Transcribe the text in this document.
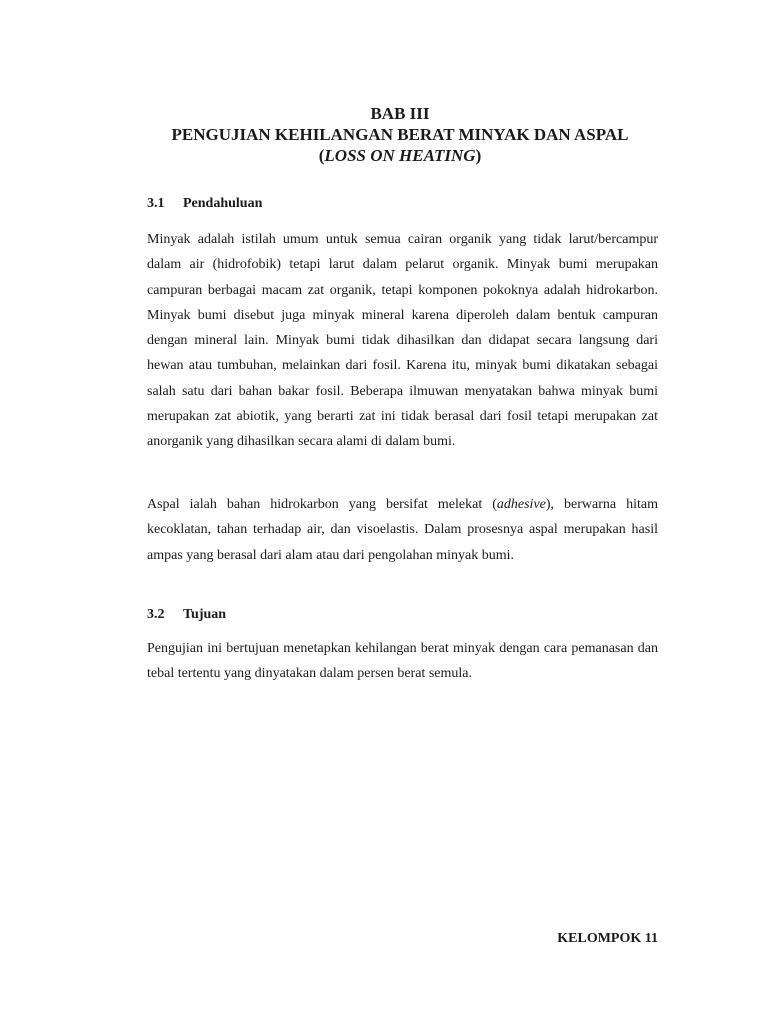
BAB III
PENGUJIAN KEHILANGAN BERAT MINYAK DAN ASPAL
(LOSS ON HEATING)
3.1 Pendahuluan

Minyak adalah istilah umum untuk semua cairan organik yang tidak larut/bercampur dalam air (hidrofobik) tetapi larut dalam pelarut organik. Minyak bumi merupakan campuran berbagai macam zat organik, tetapi komponen pokoknya adalah hidrokarbon. Minyak bumi disebut juga minyak mineral karena diperoleh dalam bentuk campuran dengan mineral lain. Minyak bumi tidak dihasilkan dan didapat secara langsung dari hewan atau tumbuhan, melainkan dari fosil. Karena itu, minyak bumi dikatakan sebagai salah satu dari bahan bakar fosil. Beberapa ilmuwan menyatakan bahwa minyak bumi merupakan zat abiotik, yang berarti zat ini tidak berasal dari fosil tetapi merupakan zat anorganik yang dihasilkan secara alami di dalam bumi.

Aspal ialah bahan hidrokarbon yang bersifat melekat (adhesive), berwarna hitam kecoklatan, tahan terhadap air, dan visoelastis. Dalam prosesnya aspal merupakan hasil ampas yang berasal dari alam atau dari pengolahan minyak bumi.

3.2 Tujuan

Pengujian ini bertujuan menetapkan kehilangan berat minyak dengan cara pemanasan dan tebal tertentu yang dinyatakan dalam persen berat semula.

KELOMPOK 11
